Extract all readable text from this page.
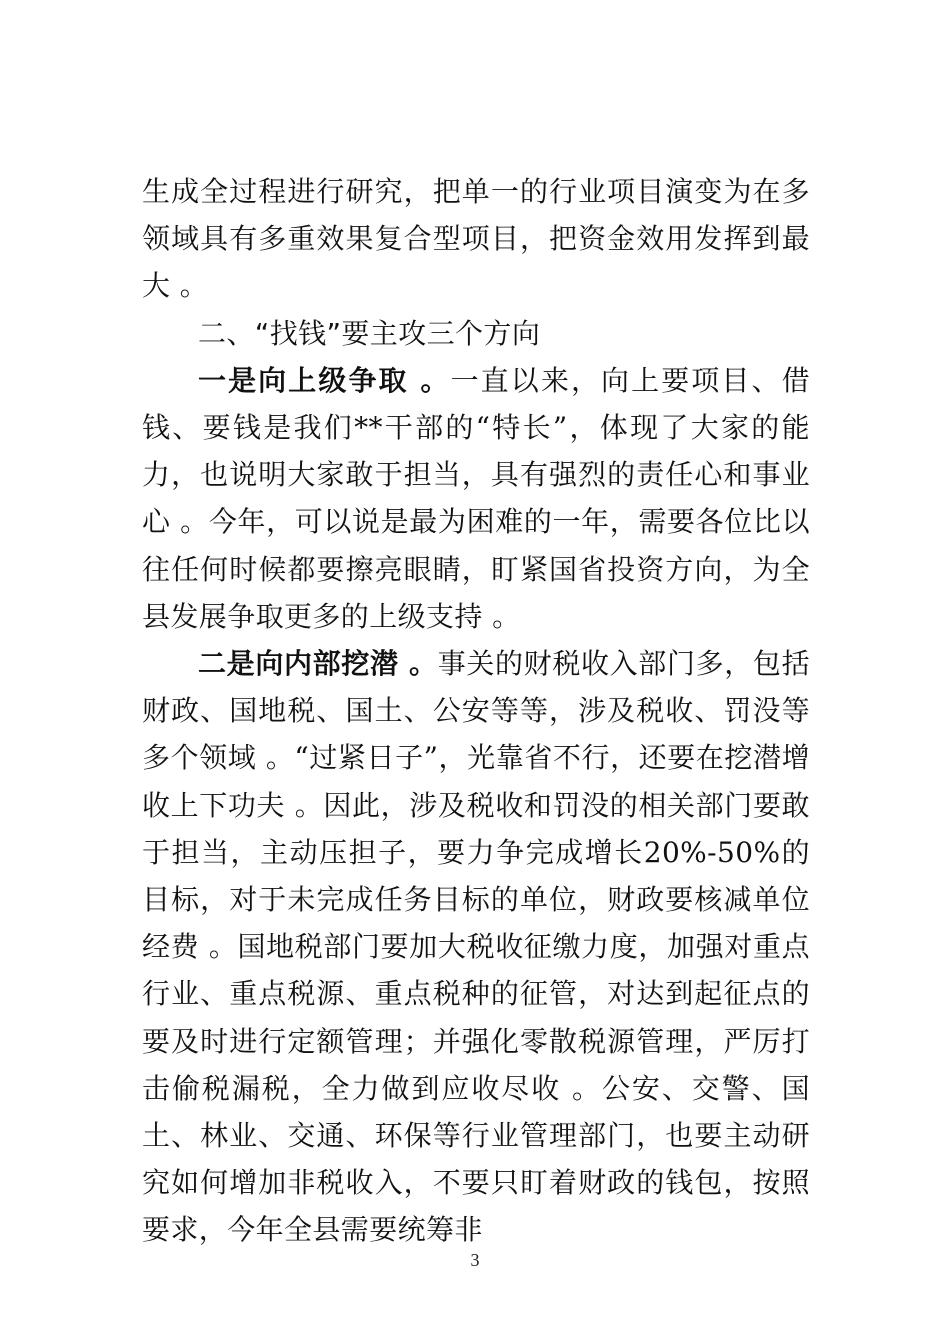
生成全过程进行研究，把单一的行业项目演变为在多领域具有多重效果复合型项目，把资金效用发挥到最大 。

二、“找钱”要主攻三个方向

一是向上级争取 。一直以来，向上要项目、借钱、要钱是我们**干部的“特长”，体现了大家的能力，也说明大家敢于担当，具有强烈的责任心和事业心 。今年，可以说是最为困难的一年，需要各位比以往任何时候都要擦亮眼睛，盯紧国省投资方向，为全县发展争取更多的上级支持 。

二是向内部挖潜 。事关的财税收入部门多，包括财政、国地税、国土、公安等等，涉及税收、罚没等多个领域 。“过紧日子”，光靠省不行，还要在挖潜增收上下功夫 。因此，涉及税收和罚没的相关部门要敢于担当，主动压担子，要力争完成增长20%-50%的目标，对于未完成任务目标的单位，财政要核减单位经费 。国地税部门要加大税收征缴力度，加强对重点行业、重点税源、重点税种的征管，对达到起征点的要及时进行定额管理；并强化零散税源管理，严厉打击偷税漏税，全力做到应收尽收 。公安、交警、国土、林业、交通、环保等行业管理部门，也要主动研究如何增加非税收入，不要只盯着财政的钱包，按照要求，今年全县需要统筹非

3
